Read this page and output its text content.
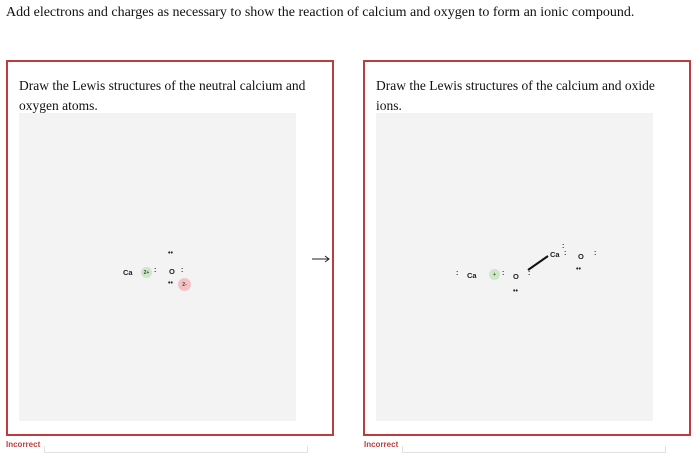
Add electrons and charges as necessary to show the reaction of calcium and oxygen to form an ionic compound.
Draw the Lewis structures of the neutral calcium and oxygen atoms.
Ca	2+ :
••
O :
••	2-
Draw the Lewis structures of the calcium and oxide ions.
: Ca	+ : O :
••
Ca
:
: O :
••
Incorrect	Incorrect
